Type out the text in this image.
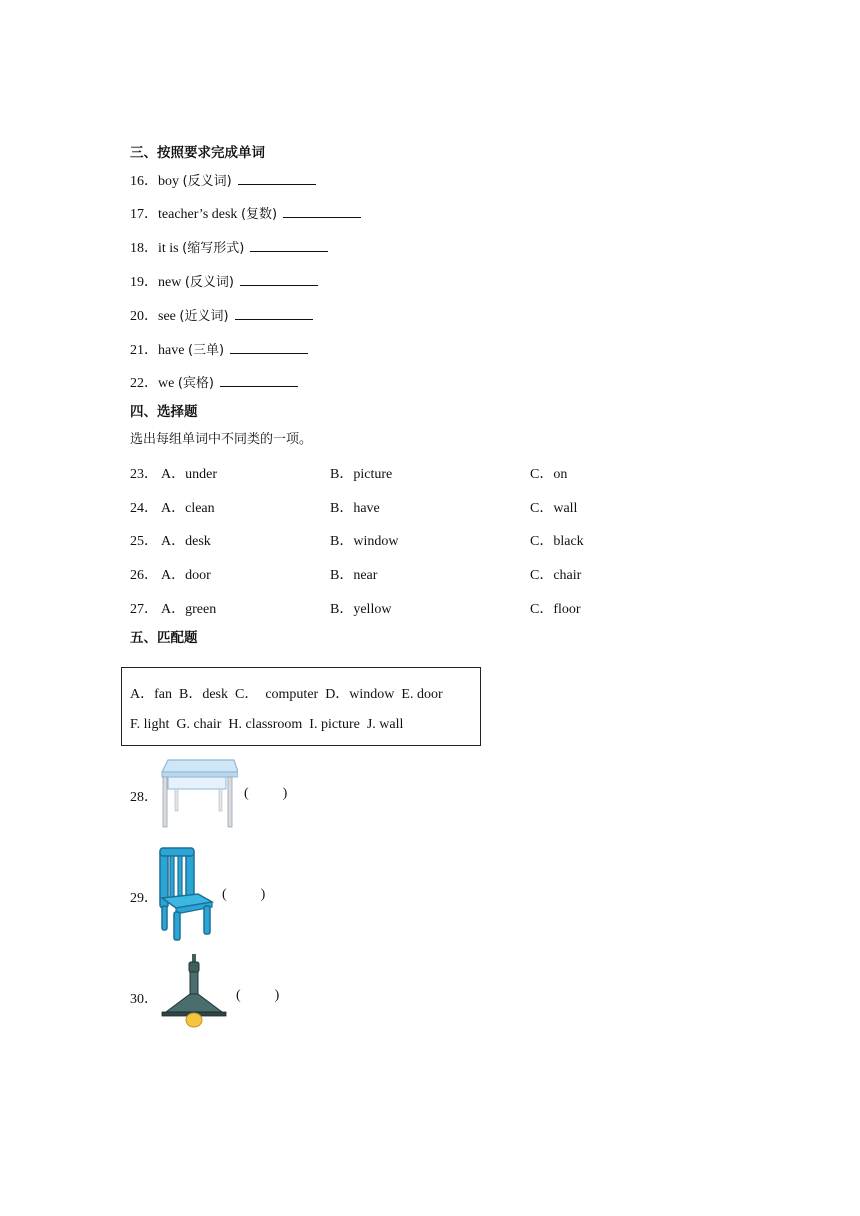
三、按照要求完成单词
16．boy (反义词)
17．teacher’s desk (复数)
18．it is (缩写形式)
19．new (反义词)
20．see (近义词)
21．have (三单)
22．we (宾格)
四、选择题
选出每组单词中不同类的一项。
23． A．under	B．picture	C．on
24． A．clean	B．have	C．wall
25． A．desk	B．window	C．black
26． A．door	B．near	C．chair
27． A．green	B．yellow	C．floor
五、匹配题
A．fan  B．desk  C．  computer  D．window  E. door
F. light  G. chair  H. classroom  I. picture  J. wall
28．	( )
29．	( )
30．	( )
